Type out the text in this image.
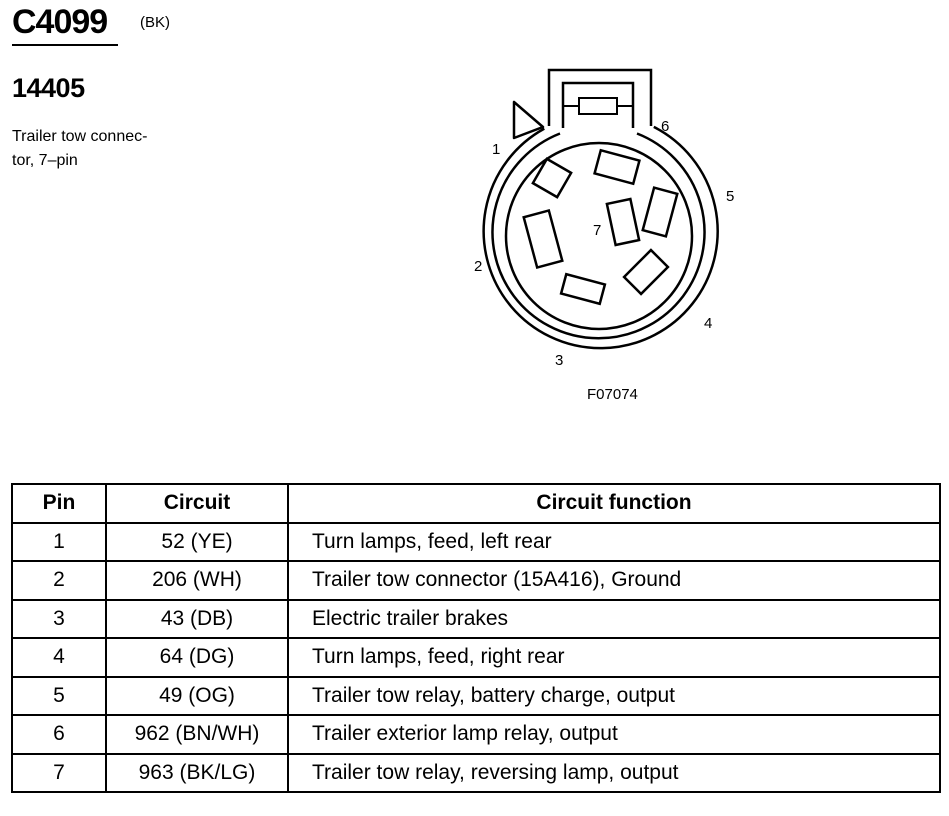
C4099 (BK)
14405
Trailer tow connec-
tor, 7–pin
1
2
3
4
5
6
7
F07074
Pin	Circuit	Circuit function
1	52 (YE)	Turn lamps, feed, left rear
2	206 (WH)	Trailer tow connector (15A416), Ground
3	43 (DB)	Electric trailer brakes
4	64 (DG)	Turn lamps, feed, right rear
5	49 (OG)	Trailer tow relay, battery charge, output
6	962 (BN/WH)	Trailer exterior lamp relay, output
7	963 (BK/LG)	Trailer tow relay, reversing lamp, output
